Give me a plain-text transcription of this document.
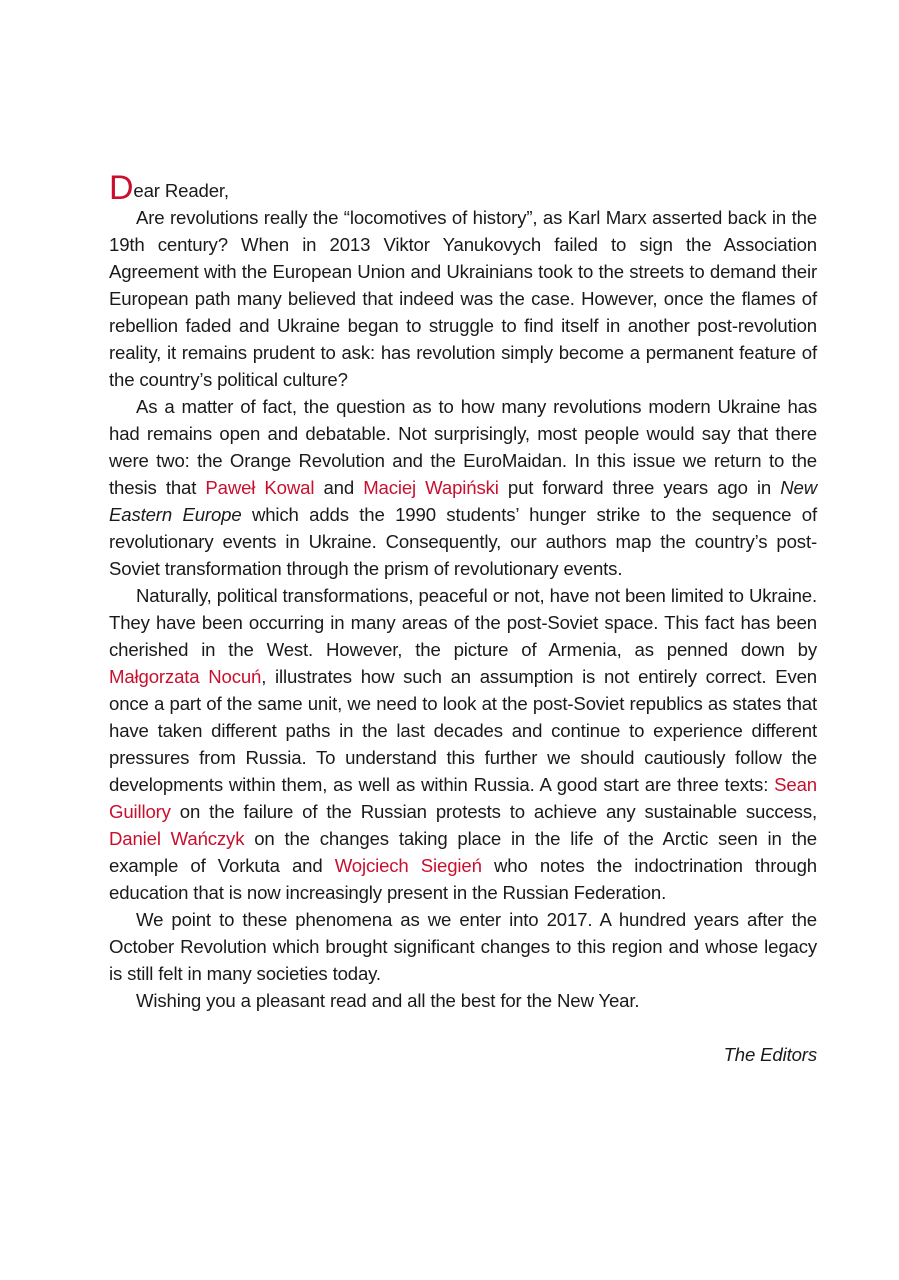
Dear Reader,

Are revolutions really the “locomotives of history”, as Karl Marx asserted back in the 19th century? When in 2013 Viktor Yanukovych failed to sign the Association Agreement with the European Union and Ukrainians took to the streets to demand their European path many believed that indeed was the case. However, once the flames of rebellion faded and Ukraine began to struggle to find itself in another post-revolution reality, it remains prudent to ask: has revolution simply become a permanent feature of the country’s political culture?

As a matter of fact, the question as to how many revolutions modern Ukraine has had remains open and debatable. Not surprisingly, most people would say that there were two: the Orange Revolution and the EuroMaidan. In this issue we return to the thesis that Paweł Kowal and Maciej Wapiński put forward three years ago in New Eastern Europe which adds the 1990 students’ hunger strike to the sequence of revolutionary events in Ukraine. Consequently, our authors map the country’s post-Soviet transformation through the prism of revolutionary events.

Naturally, political transformations, peaceful or not, have not been limited to Ukraine. They have been occurring in many areas of the post-Soviet space. This fact has been cherished in the West. However, the picture of Armenia, as penned down by Małgorzata Nocuń, illustrates how such an assumption is not entirely correct. Even once a part of the same unit, we need to look at the post-Soviet republics as states that have taken different paths in the last decades and continue to experience different pressures from Russia. To understand this further we should cautiously follow the developments within them, as well as within Russia. A good start are three texts: Sean Guillory on the failure of the Russian protests to achieve any sustainable success, Daniel Wańczyk on the changes taking place in the life of the Arctic seen in the example of Vorkuta and Wojciech Siegień who notes the indoctrination through education that is now increasingly present in the Russian Federation.

We point to these phenomena as we enter into 2017. A hundred years after the October Revolution which brought significant changes to this region and whose legacy is still felt in many societies today.

Wishing you a pleasant read and all the best for the New Year.

The Editors
